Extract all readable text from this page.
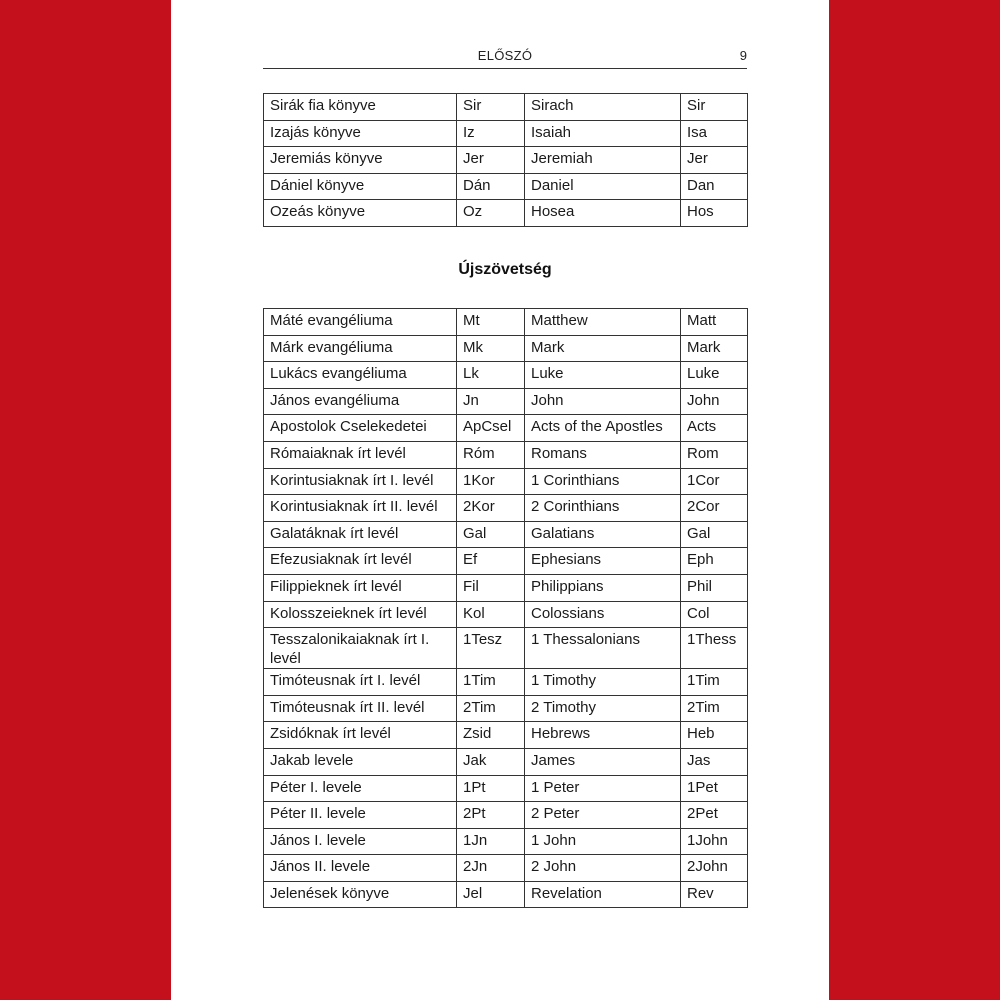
ELŐSZÓ	9
Sirák fia könyve	Sir	Sirach	Sir
Izajás könyve	Iz	Isaiah	Isa
Jeremiás könyve	Jer	Jeremiah	Jer
Dániel könyve	Dán	Daniel	Dan
Ozeás könyve	Oz	Hosea	Hos
Újszövetség
Máté evangéliuma	Mt	Matthew	Matt
Márk evangéliuma	Mk	Mark	Mark
Lukács evangéliuma	Lk	Luke	Luke
János evangéliuma	Jn	John	John
Apostolok Cselekedetei	ApCsel	Acts of the Apostles	Acts
Rómaiaknak írt levél	Róm	Romans	Rom
Korintusiaknak írt I. levél	1Kor	1 Corinthians	1Cor
Korintusiaknak írt II. levél	2Kor	2 Corinthians	2Cor
Galatáknak írt levél	Gal	Galatians	Gal
Efezusiaknak írt levél	Ef	Ephesians	Eph
Filippieknek írt levél	Fil	Philippians	Phil
Kolosszeieknek írt levél	Kol	Colossians	Col
Tesszalonikaiaknak írt I. levél	1Tesz	1 Thessalonians	1Thess
Timóteusnak írt I. levél	1Tim	1 Timothy	1Tim
Timóteusnak írt II. levél	2Tim	2 Timothy	2Tim
Zsidóknak írt levél	Zsid	Hebrews	Heb
Jakab levele	Jak	James	Jas
Péter I. levele	1Pt	1 Peter	1Pet
Péter II. levele	2Pt	2 Peter	2Pet
János I. levele	1Jn	1 John	1John
János II. levele	2Jn	2 John	2John
Jelenések könyve	Jel	Revelation	Rev
